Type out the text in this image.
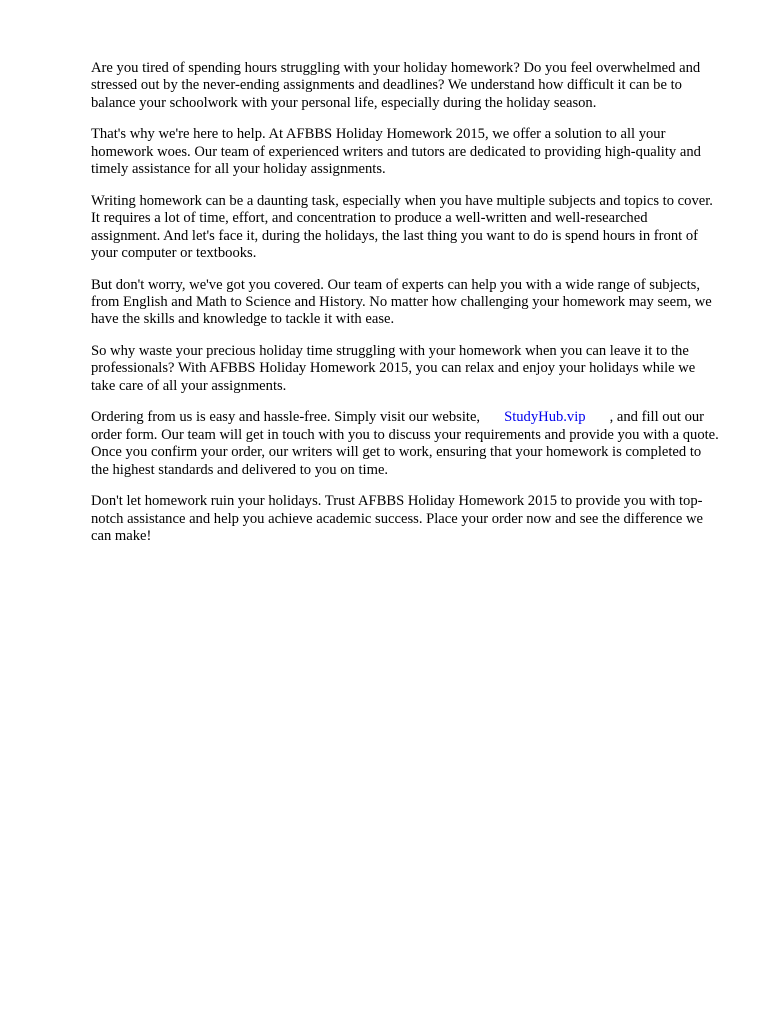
Are you tired of spending hours struggling with your holiday homework? Do you feel overwhelmed and stressed out by the never-ending assignments and deadlines? We understand how difficult it can be to balance your schoolwork with your personal life, especially during the holiday season.

That's why we're here to help. At AFBBS Holiday Homework 2015, we offer a solution to all your homework woes. Our team of experienced writers and tutors are dedicated to providing high-quality and timely assistance for all your holiday assignments.

Writing homework can be a daunting task, especially when you have multiple subjects and topics to cover. It requires a lot of time, effort, and concentration to produce a well-written and well-researched assignment. And let's face it, during the holidays, the last thing you want to do is spend hours in front of your computer or textbooks.

But don't worry, we've got you covered. Our team of experts can help you with a wide range of subjects, from English and Math to Science and History. No matter how challenging your homework may seem, we have the skills and knowledge to tackle it with ease.

So why waste your precious holiday time struggling with your homework when you can leave it to the professionals? With AFBBS Holiday Homework 2015, you can relax and enjoy your holidays while we take care of all your assignments.

Ordering from us is easy and hassle-free. Simply visit our website, StudyHub.vip , and fill out our order form. Our team will get in touch with you to discuss your requirements and provide you with a quote. Once you confirm your order, our writers will get to work, ensuring that your homework is completed to the highest standards and delivered to you on time.

Don't let homework ruin your holidays. Trust AFBBS Holiday Homework 2015 to provide you with top-notch assistance and help you achieve academic success. Place your order now and see the difference we can make!
